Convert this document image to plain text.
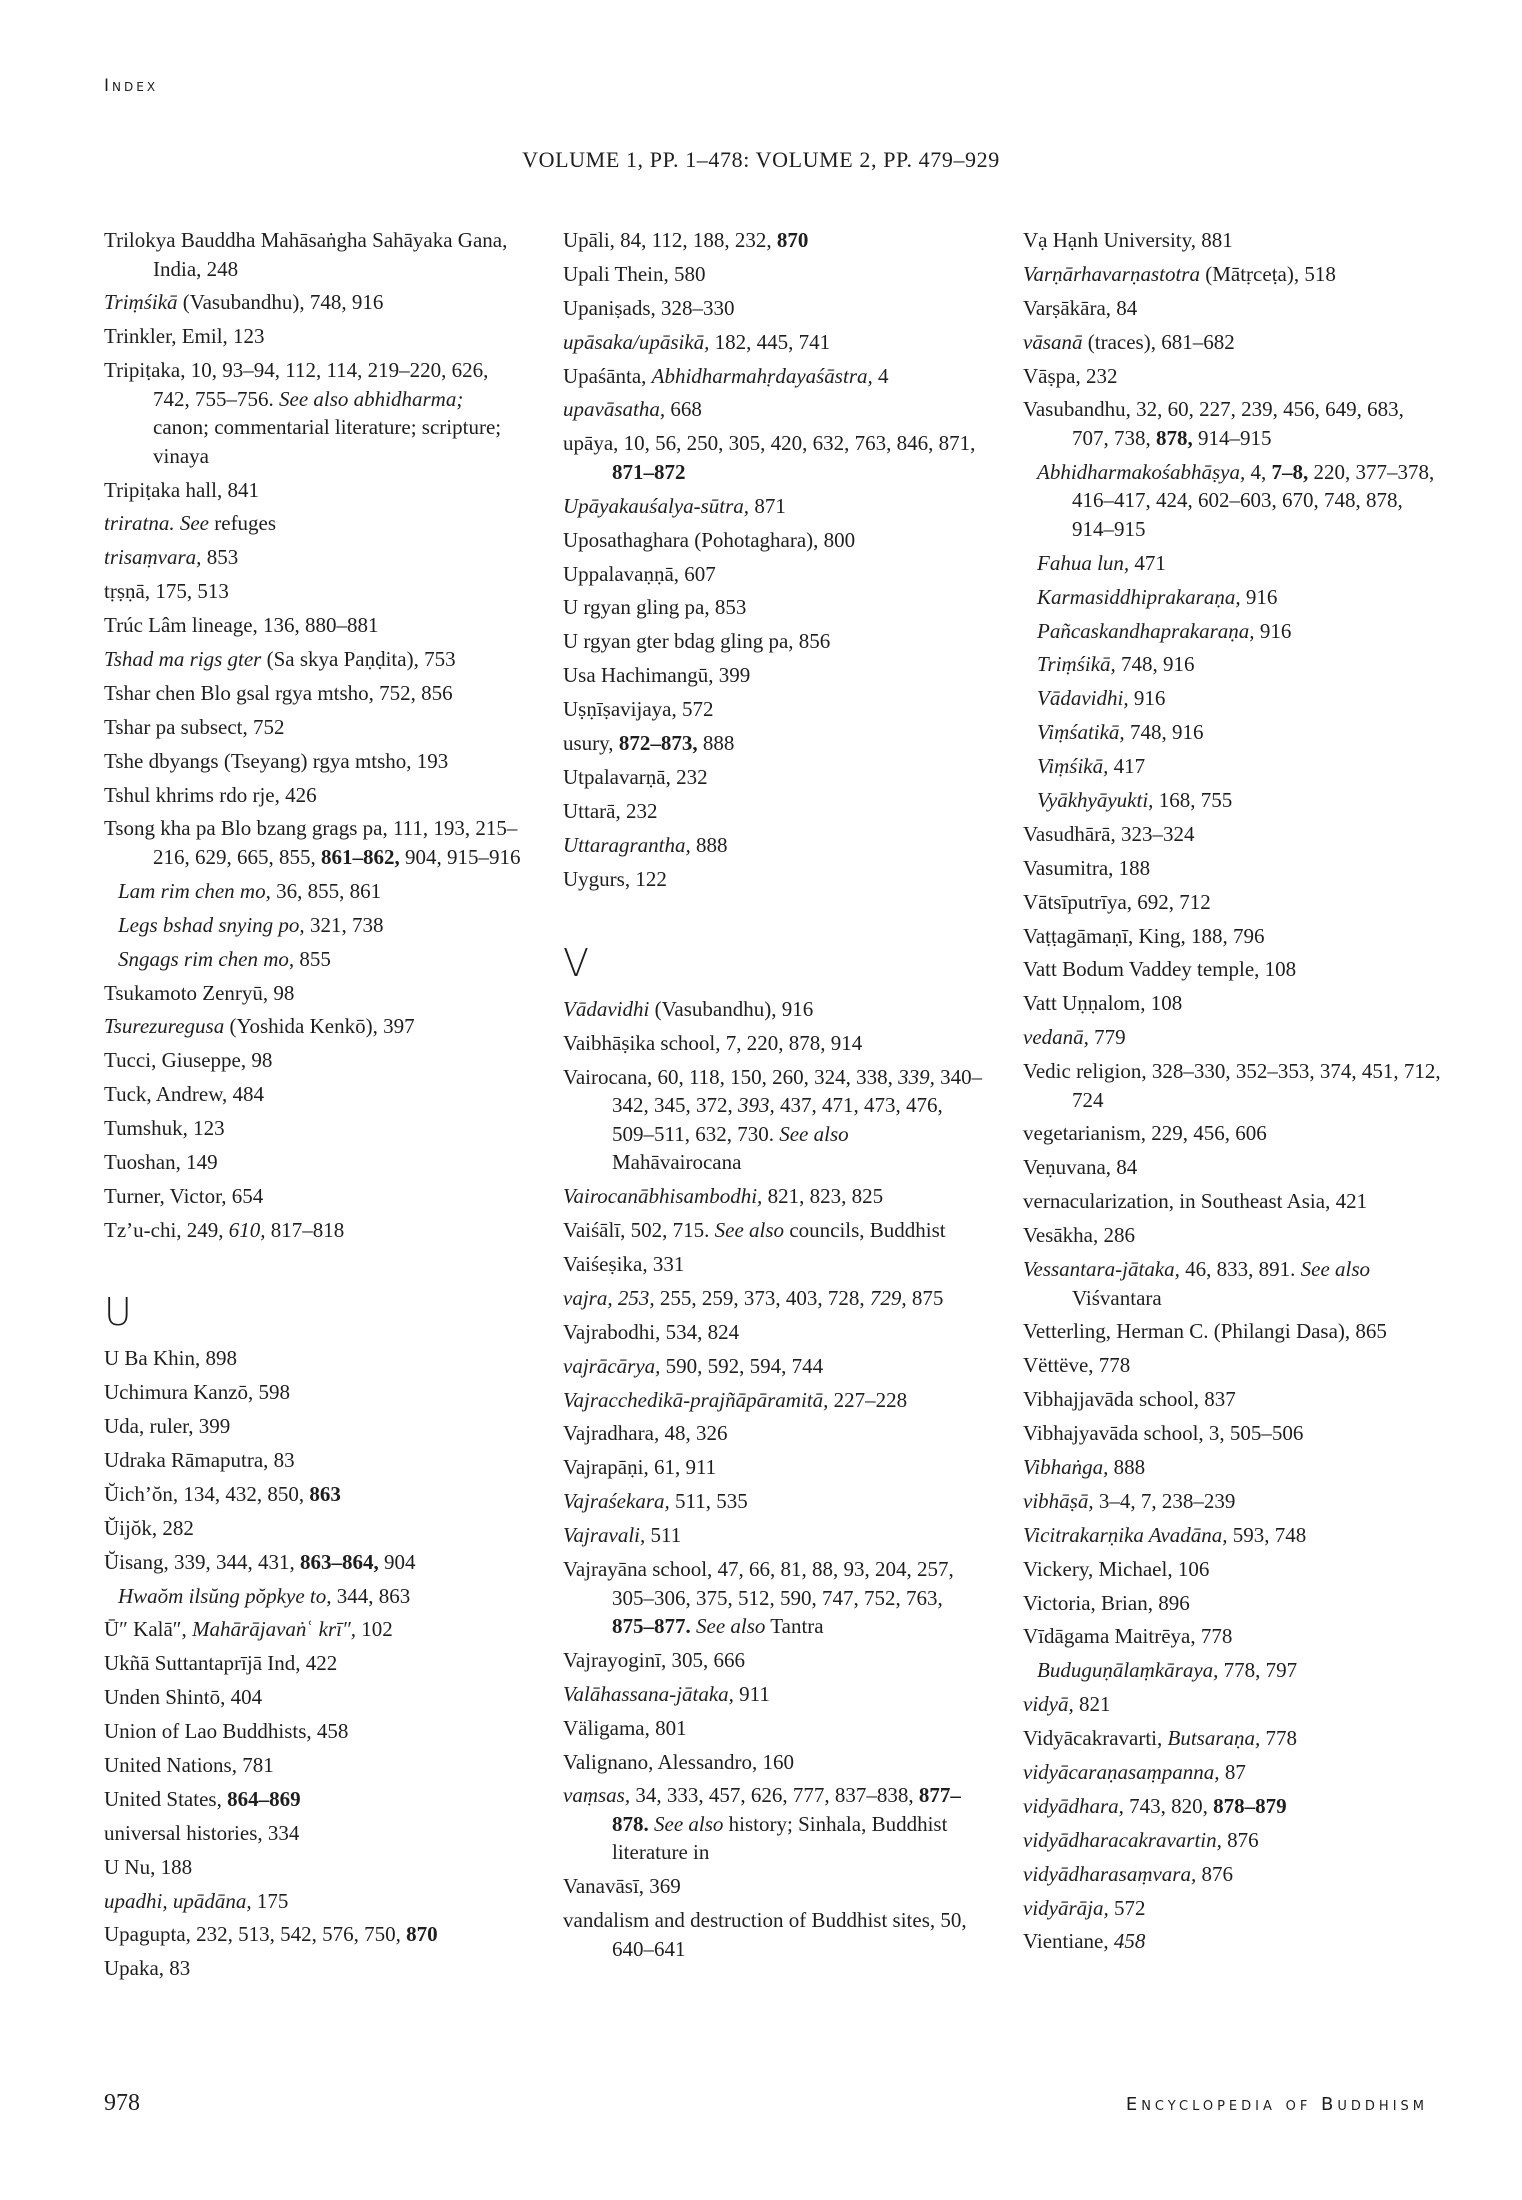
Index
VOLUME 1, PP. 1–478: VOLUME 2, PP. 479–929
Trilokya Bauddha Mahāsaṅgha Sahāyaka Gana, India, 248
Triṃśikā (Vasubandhu), 748, 916
Trinkler, Emil, 123
Tripiṭaka, 10, 93–94, 112, 114, 219–220, 626, 742, 755–756. See also abhidharma; canon; commentarial literature; scripture; vinaya
Tripiṭaka hall, 841
triratna. See refuges
trisaṃvara, 853
tṛṣṇā, 175, 513
Trúc Lâm lineage, 136, 880–881
Tshad ma rigs gter (Sa skya Paṇḍita), 753
Tshar chen Blo gsal rgya mtsho, 752, 856
Tshar pa subsect, 752
Tshe dbyangs (Tseyang) rgya mtsho, 193
Tshul khrims rdo rje, 426
Tsong kha pa Blo bzang grags pa, 111, 193, 215–216, 629, 665, 855, 861–862, 904, 915–916
Lam rim chen mo, 36, 855, 861
Legs bshad snying po, 321, 738
Sngags rim chen mo, 855
Tsukamoto Zenryū, 98
Tsurezuregusa (Yoshida Kenkō), 397
Tucci, Giuseppe, 98
Tuck, Andrew, 484
Tumshuk, 123
Tuoshan, 149
Turner, Victor, 654
Tz’u-chi, 249, 610, 817–818
U
U Ba Khin, 898
Uchimura Kanzō, 598
Uda, ruler, 399
Udraka Rāmaputra, 83
Ŭich’ŏn, 134, 432, 850, 863
Ŭijŏk, 282
Ŭisang, 339, 344, 431, 863–864, 904
Hwaŏm ilsŭng pŏpkye to, 344, 863
Ū″ Kalā″, Mahārājavaṅʿ krī″, 102
Ukñā Suttantaprījā Ind, 422
Unden Shintō, 404
Union of Lao Buddhists, 458
United Nations, 781
United States, 864–869
universal histories, 334
U Nu, 188
upadhi, upādāna, 175
Upagupta, 232, 513, 542, 576, 750, 870
Upaka, 83
Upāli, 84, 112, 188, 232, 870
Upali Thein, 580
Upaniṣads, 328–330
upāsaka/upāsikā, 182, 445, 741
Upaśānta, Abhidharmahṛdayaśāstra, 4
upavāsatha, 668
upāya, 10, 56, 250, 305, 420, 632, 763, 846, 871, 871–872
Upāyakauśalya-sūtra, 871
Uposathaghara (Pohotaghara), 800
Uppalavaṇṇā, 607
U rgyan gling pa, 853
U rgyan gter bdag gling pa, 856
Usa Hachimangū, 399
Uṣṇīṣavijaya, 572
usury, 872–873, 888
Utpalavarṇā, 232
Uttarā, 232
Uttaragrantha, 888
Uygurs, 122
V
Vādavidhi (Vasubandhu), 916
Vaibhāṣika school, 7, 220, 878, 914
Vairocana, 60, 118, 150, 260, 324, 338, 339, 340–342, 345, 372, 393, 437, 471, 473, 476, 509–511, 632, 730. See also Mahāvairocana
Vairocanābhisambodhi, 821, 823, 825
Vaiśālī, 502, 715. See also councils, Buddhist
Vaiśeṣika, 331
vajra, 253, 255, 259, 373, 403, 728, 729, 875
Vajrabodhi, 534, 824
vajrācārya, 590, 592, 594, 744
Vajracchedikā-prajñāpāramitā, 227–228
Vajradhara, 48, 326
Vajrapāṇi, 61, 911
Vajraśekara, 511, 535
Vajravali, 511
Vajrayāna school, 47, 66, 81, 88, 93, 204, 257, 305–306, 375, 512, 590, 747, 752, 763, 875–877. See also Tantra
Vajrayoginī, 305, 666
Valāhassana-jātaka, 911
Väligama, 801
Valignano, Alessandro, 160
vaṃsas, 34, 333, 457, 626, 777, 837–838, 877–878. See also history; Sinhala, Buddhist literature in
Vanavāsī, 369
vandalism and destruction of Buddhist sites, 50, 640–641
Vạ Hạnh University, 881
Varṇārhavarṇastotra (Mātṛceṭa), 518
Varṣākāra, 84
vāsanā (traces), 681–682
Vāṣpa, 232
Vasubandhu, 32, 60, 227, 239, 456, 649, 683, 707, 738, 878, 914–915
Abhidharmakośabhāṣya, 4, 7–8, 220, 377–378, 416–417, 424, 602–603, 670, 748, 878, 914–915
Fahua lun, 471
Karmasiddhiprakaraṇa, 916
Pañcaskandhaprakaraṇa, 916
Triṃśikā, 748, 916
Vādavidhi, 916
Viṃśatikā, 748, 916
Viṃśikā, 417
Vyākhyāyukti, 168, 755
Vasudhārā, 323–324
Vasumitra, 188
Vātsīputrīya, 692, 712
Vaṭṭagāmaṇī, King, 188, 796
Vatt Bodum Vaddey temple, 108
Vatt Uṇṇalom, 108
vedanā, 779
Vedic religion, 328–330, 352–353, 374, 451, 712, 724
vegetarianism, 229, 456, 606
Veṇuvana, 84
vernacularization, in Southeast Asia, 421
Vesākha, 286
Vessantara-jātaka, 46, 833, 891. See also Viśvantara
Vetterling, Herman C. (Philangi Dasa), 865
Vëttëve, 778
Vibhajjavāda school, 837
Vibhajyavāda school, 3, 505–506
Vibhaṅga, 888
vibhāṣā, 3–4, 7, 238–239
Vicitrakarṇika Avadāna, 593, 748
Vickery, Michael, 106
Victoria, Brian, 896
Vīdāgama Maitrēya, 778
Buduguṇālaṃkāraya, 778, 797
vidyā, 821
Vidyācakravarti, Butsaraṇa, 778
vidyācaraṇasaṃpanna, 87
vidyādhara, 743, 820, 878–879
vidyādharacakravartin, 876
vidyādharasaṃvara, 876
vidyārāja, 572
Vientiane, 458
978	Encyclopedia of Buddhism
